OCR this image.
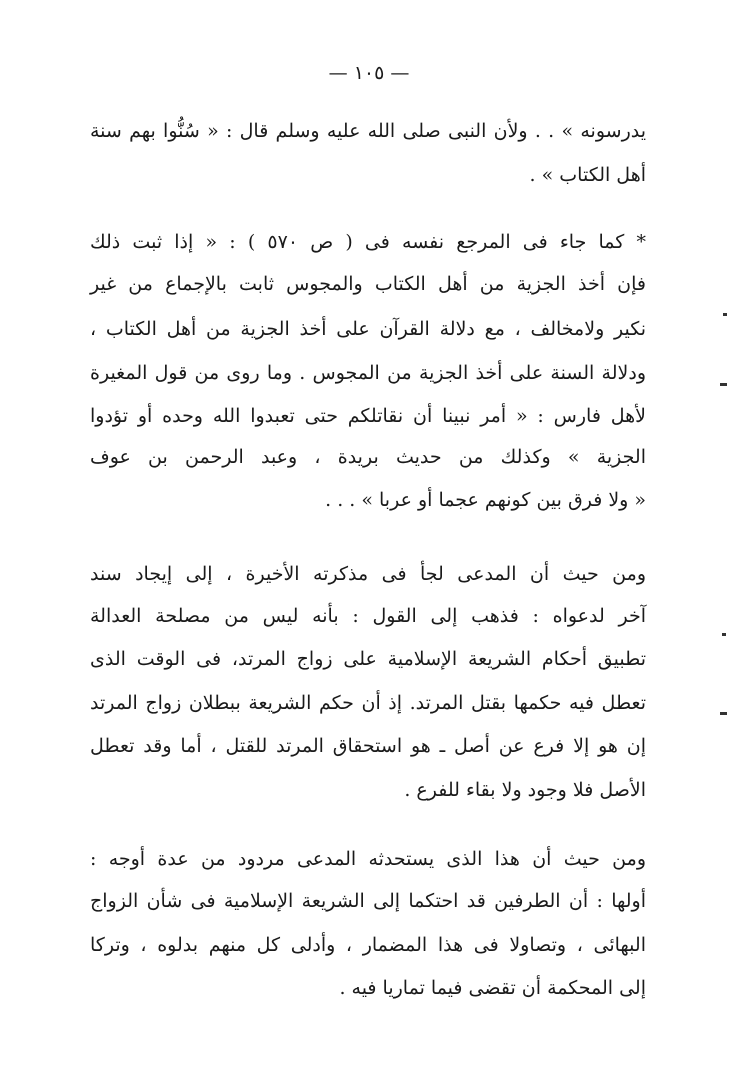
— ١٠٥ —
يدرسونه » . . ولأن النبى صلى الله عليه وسلم قال : « سُنُّوا بهم سنة
أهل الكتاب » .
* كما جاء فى المرجع نفسه فى ( ص ٥٧٠ ) : « إذا ثبت ذلك
فإن أخذ الجزية من أهل الكتاب والمجوس ثابت بالإجماع من غير
نكير ولامخالف ، مع دلالة القرآن على أخذ الجزية من أهل الكتاب ،
ودلالة السنة على أخذ الجزية من المجوس . وما روى من قول المغيرة
لأهل فارس : « أمر نبينا أن نقاتلكم حتى تعبدوا الله وحده أو تؤدوا
الجزية » وكذلك من حديث بريدة ، وعبد الرحمن بن عوف
« ولا فرق بين كونهم عجما أو عربا » . . .
ومن حيث أن المدعى لجأ فى مذكرته الأخيرة ، إلى إيجاد سند
آخر لدعواه : فذهب إلى القول : بأنه ليس من مصلحة العدالة
تطبيق أحكام الشريعة الإسلامية على زواج المرتد، فى الوقت الذى
تعطل فيه حكمها بقتل المرتد. إذ أن حكم الشريعة ببطلان زواج المرتد
إن هو إلا فرع عن أصل ـ هو استحقاق المرتد للقتل ، أما وقد تعطل
الأصل فلا وجود ولا بقاء للفرع .
ومن حيث أن هذا الذى يستحدثه المدعى مردود من عدة أوجه :
أولها : أن الطرفين قد احتكما إلى الشريعة الإسلامية فى شأن الزواج
البهائى ، وتصاولا فى هذا المضمار ، وأدلى كل منهم بدلوه ، وتركا
إلى المحكمة أن تقضى فيما تماريا فيه .
